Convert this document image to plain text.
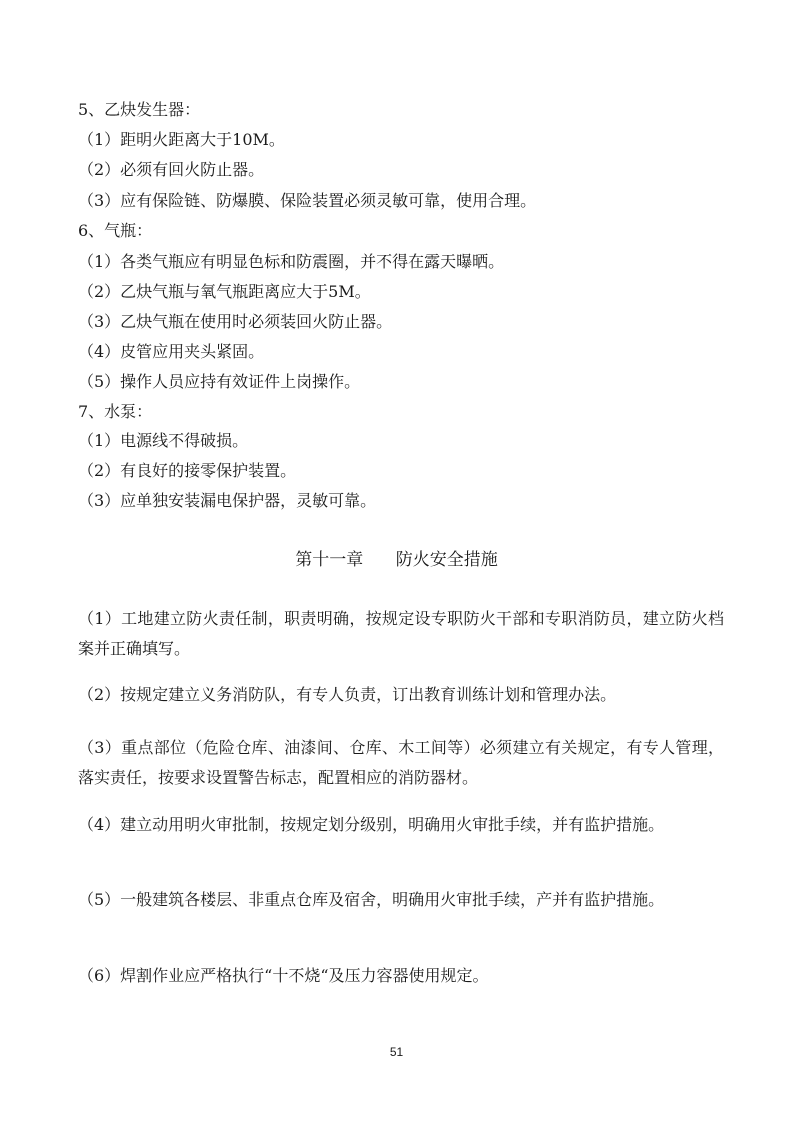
5、乙炔发生器：
（1）距明火距离大于10M。
（2）必须有回火防止器。
（3）应有保险链、防爆膜、保险装置必须灵敏可靠，使用合理。
6、气瓶：
（1）各类气瓶应有明显色标和防震圈，并不得在露天曝晒。
（2）乙炔气瓶与氧气瓶距离应大于5M。
（3）乙炔气瓶在使用时必须装回火防止器。
（4）皮管应用夹头紧固。
（5）操作人员应持有效证件上岗操作。
7、水泵：
（1）电源线不得破损。
（2）有良好的接零保护装置。
（3）应单独安装漏电保护器，灵敏可靠。
第十一章 防火安全措施
（1）工地建立防火责任制，职责明确，按规定设专职防火干部和专职消防员，建立防火档案并正确填写。
（2）按规定建立义务消防队，有专人负责，订出教育训练计划和管理办法。
（3）重点部位（危险仓库、油漆间、仓库、木工间等）必须建立有关规定，有专人管理，落实责任，按要求设置警告标志，配置相应的消防器材。
（4）建立动用明火审批制，按规定划分级别，明确用火审批手续，并有监护措施。
（5）一般建筑各楼层、非重点仓库及宿舍，明确用火审批手续，产并有监护措施。
（6）焊割作业应严格执行“十不烧“及压力容器使用规定。
51
